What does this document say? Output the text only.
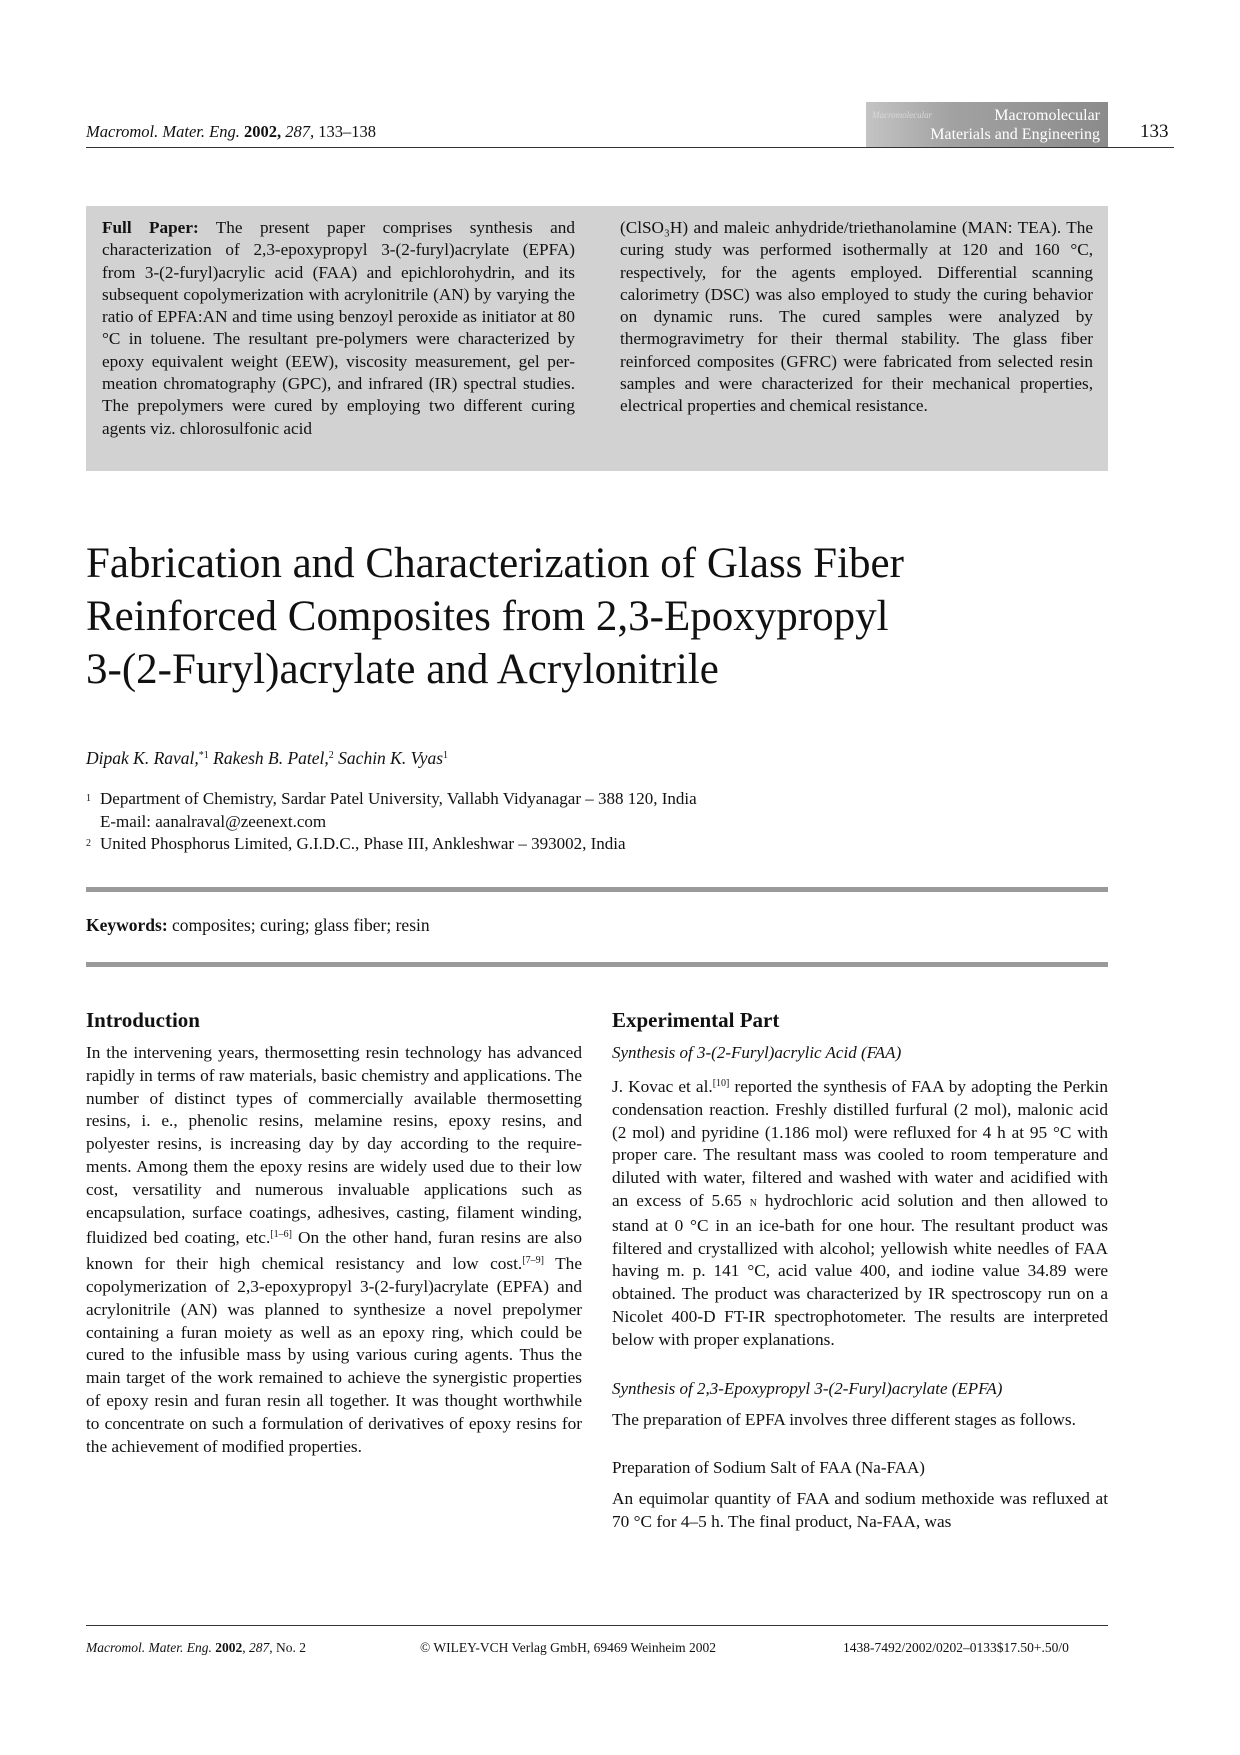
Macromol. Mater. Eng. 2002, 287, 133–138
Macromolecular	Macromolecular
Materials and Engineering 133
Full Paper: The present paper comprises synthesis and characterization of 2,3-epoxypropyl 3-(2-furyl)acrylate (EPFA) from 3-(2-furyl)acrylic acid (FAA) and epichlorohydrin, and its subsequent copolymerization with acrylonitrile (AN) by varying the ratio of EPFA:AN and time using benzoyl peroxide as initiator at 80 °C in toluene. The resultant pre-polymers were characterized by epoxy equivalent weight (EEW), viscosity measurement, gel permeation chromatography (GPC), and infrared (IR) spectral studies. The prepolymers were cured by employing two different curing agents viz. chlorosulfonic acid
(ClSO₃H) and maleic anhydride/triethanolamine (MAN: TEA). The curing study was performed isothermally at 120 and 160 °C, respectively, for the agents employed. Differential scanning calorimetry (DSC) was also employed to study the curing behavior on dynamic runs. The cured samples were analyzed by thermogravimetry for their thermal stability. The glass fiber reinforced composites (GFRC) were fabricated from selected resin samples and were characterized for their mechanical properties, electrical properties and chemical resistance.
Fabrication and Characterization of Glass Fiber
Reinforced Composites from 2,3-Epoxypropyl
3-(2-Furyl)acrylate and Acrylonitrile
Dipak K. Raval,$^{*1}$ Rakesh B. Patel,$^2$ Sachin K. Vyas$^1$
1 Department of Chemistry, Sardar Patel University, Vallabh Vidyanagar – 388 120, India
E-mail: aanalraval@zeenext.com
2 United Phosphorus Limited, G.I.D.C., Phase III, Ankleshwar – 393002, India
Keywords: composites; curing; glass fiber; resin
Introduction

In the intervening years, thermosetting resin technology has advanced rapidly in terms of raw materials, basic chemistry and applications. The number of distinct types of commercially available thermosetting resins, i. e., phenolic resins, melamine resins, epoxy resins, and polyester resins, is increasing day by day according to the requirements. Among them the epoxy resins are widely used due to their low cost, versatility and numerous invaluable applications such as encapsulation, surface coatings, adhesives, casting, filament winding, fluidized bed coating, etc.[1–6] On the other hand, furan resins are also known for their high chemical resistancy and low cost.[7–9] The copolymerization of 2,3-epoxypropyl 3-(2-furyl)acrylate (EPFA) and acrylonitrile (AN) was planned to synthesize a novel prepolymer containing a furan moiety as well as an epoxy ring, which could be cured to the infusible mass by using various curing agents. Thus the main target of the work remained to achieve the synergistic properties of epoxy resin and furan resin all together. It was thought worthwhile to concentrate on such a formulation of derivatives of epoxy resins for the achievement of modified properties.

Experimental Part
Synthesis of 3-(2-Furyl)acrylic Acid (FAA)

J. Kovac et al.[10] reported the synthesis of FAA by adopting the Perkin condensation reaction. Freshly distilled furfural (2 mol), malonic acid (2 mol) and pyridine (1.186 mol) were refluxed for 4 h at 95 °C with proper care. The resultant mass was cooled to room temperature and diluted with water, filtered and washed with water and acidified with an excess of 5.65 n hydrochloric acid solution and then allowed to stand at 0 °C in an ice-bath for one hour. The resultant product was filtered and crystallized with alcohol; yellowish white needles of FAA having m. p. 141 °C, acid value 400, and iodine value 34.89 were obtained. The product was characterized by IR spectroscopy run on a Nicolet 400-D FT-IR spectrophotometer. The results are interpreted below with proper explanations.

Synthesis of 2,3-Epoxypropyl 3-(2-Furyl)acrylate (EPFA)

The preparation of EPFA involves three different stages as follows.

Preparation of Sodium Salt of FAA (Na-FAA)

An equimolar quantity of FAA and sodium methoxide was refluxed at 70 °C for 4–5 h. The final product, Na-FAA, was

Macromol. Mater. Eng. 2002, 287, No. 2	© WILEY-VCH Verlag GmbH, 69469 Weinheim 2002	1438-7492/2002/0202–0133$17.50+.50/0
